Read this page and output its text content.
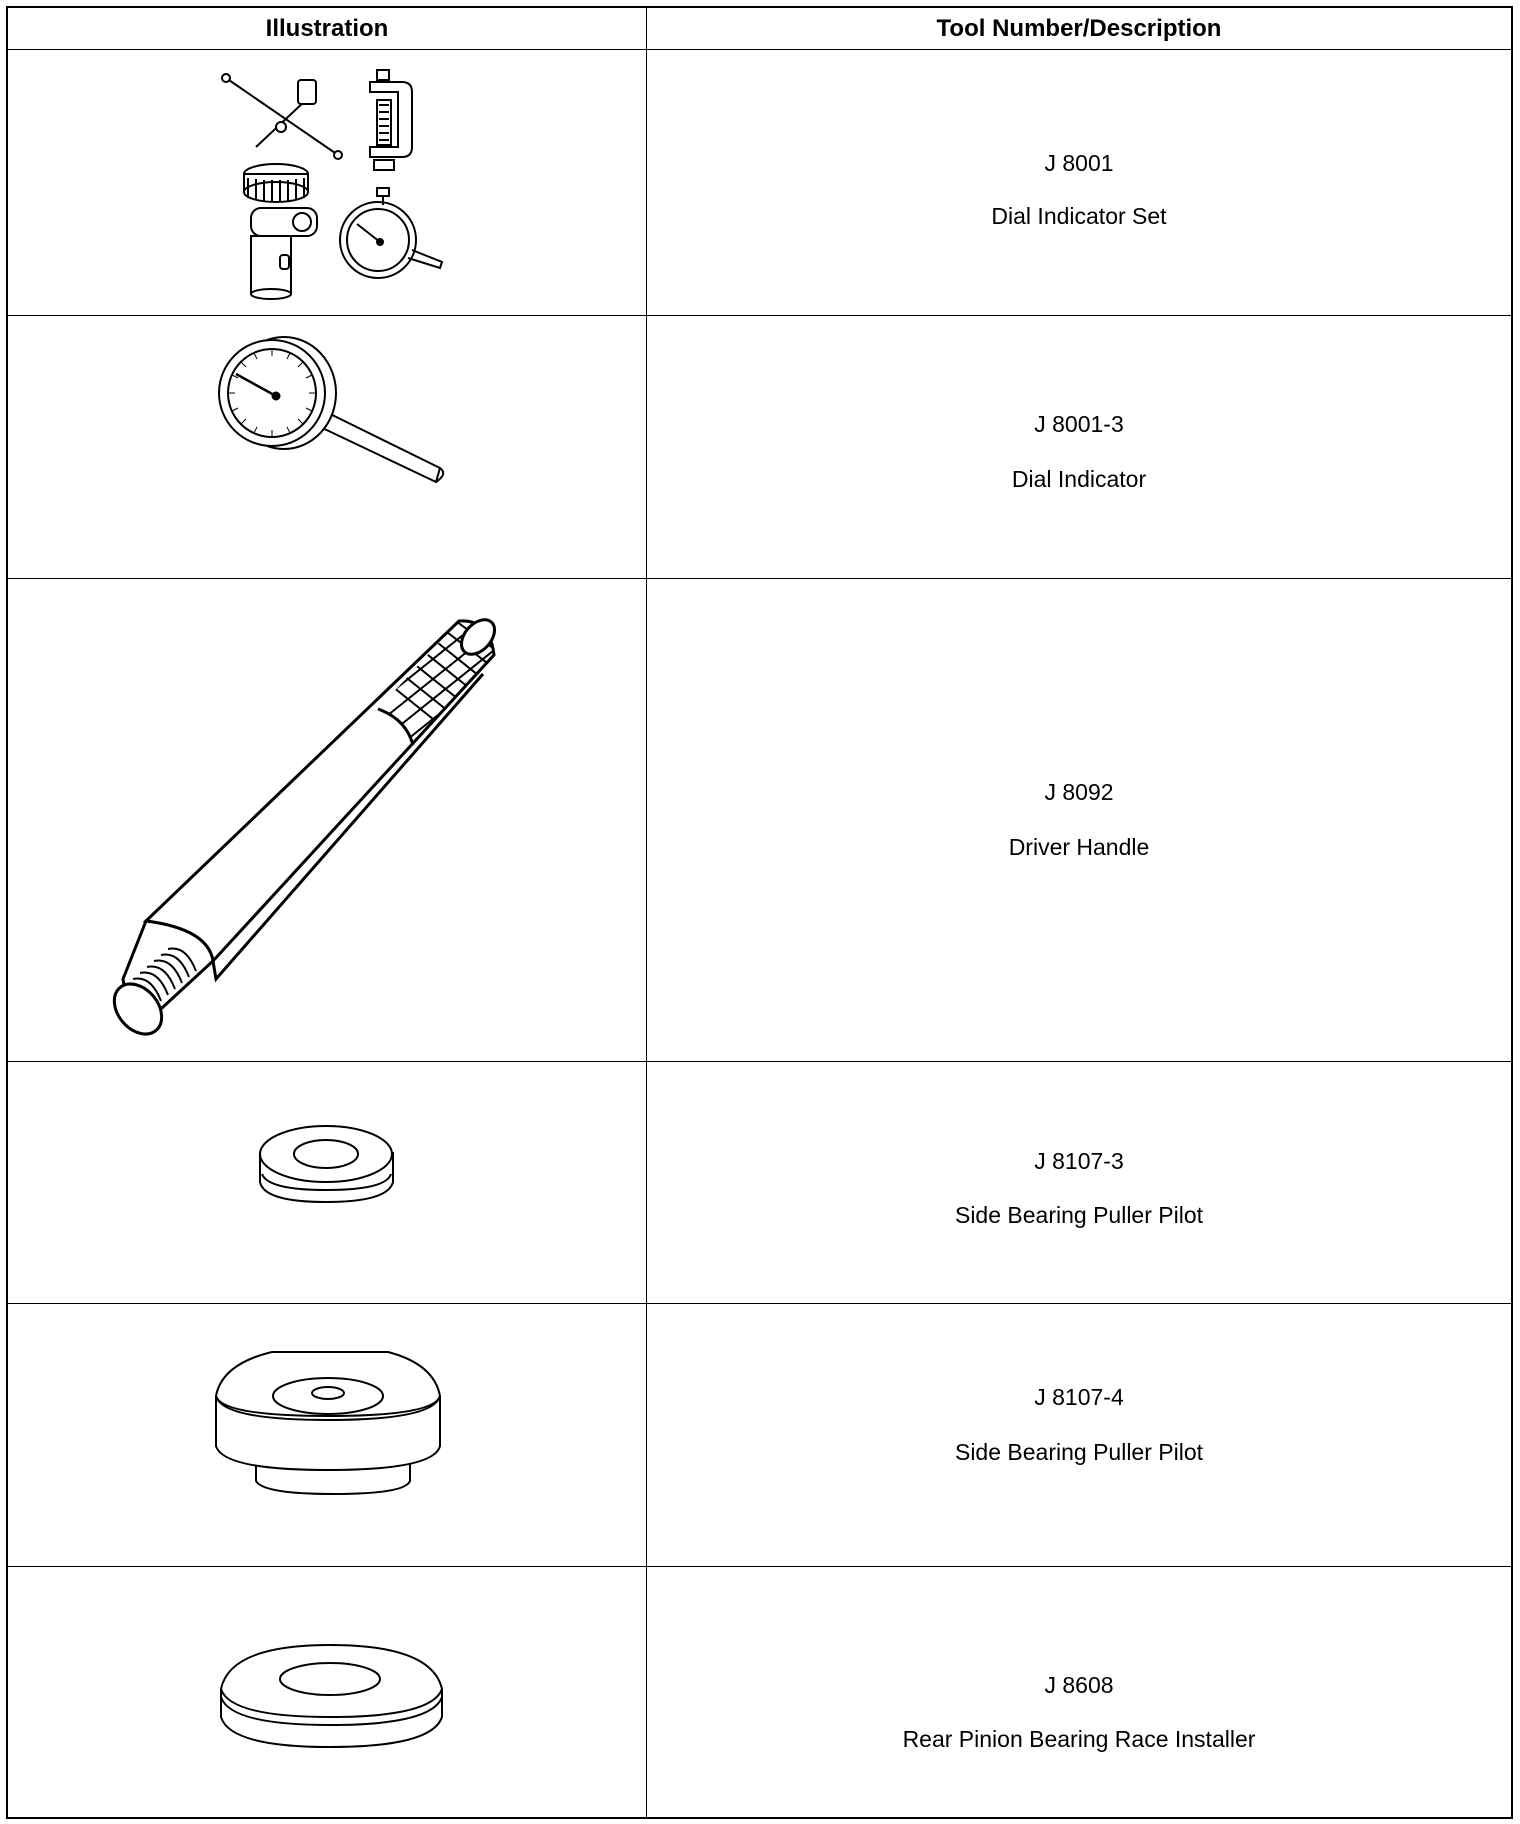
Illustration	Tool Number/Description
J 8001
Dial Indicator Set
J 8001-3
Dial Indicator
J 8092
Driver Handle
J 8107-3
Side Bearing Puller Pilot
J 8107-4
Side Bearing Puller Pilot
J 8608
Rear Pinion Bearing Race Installer
